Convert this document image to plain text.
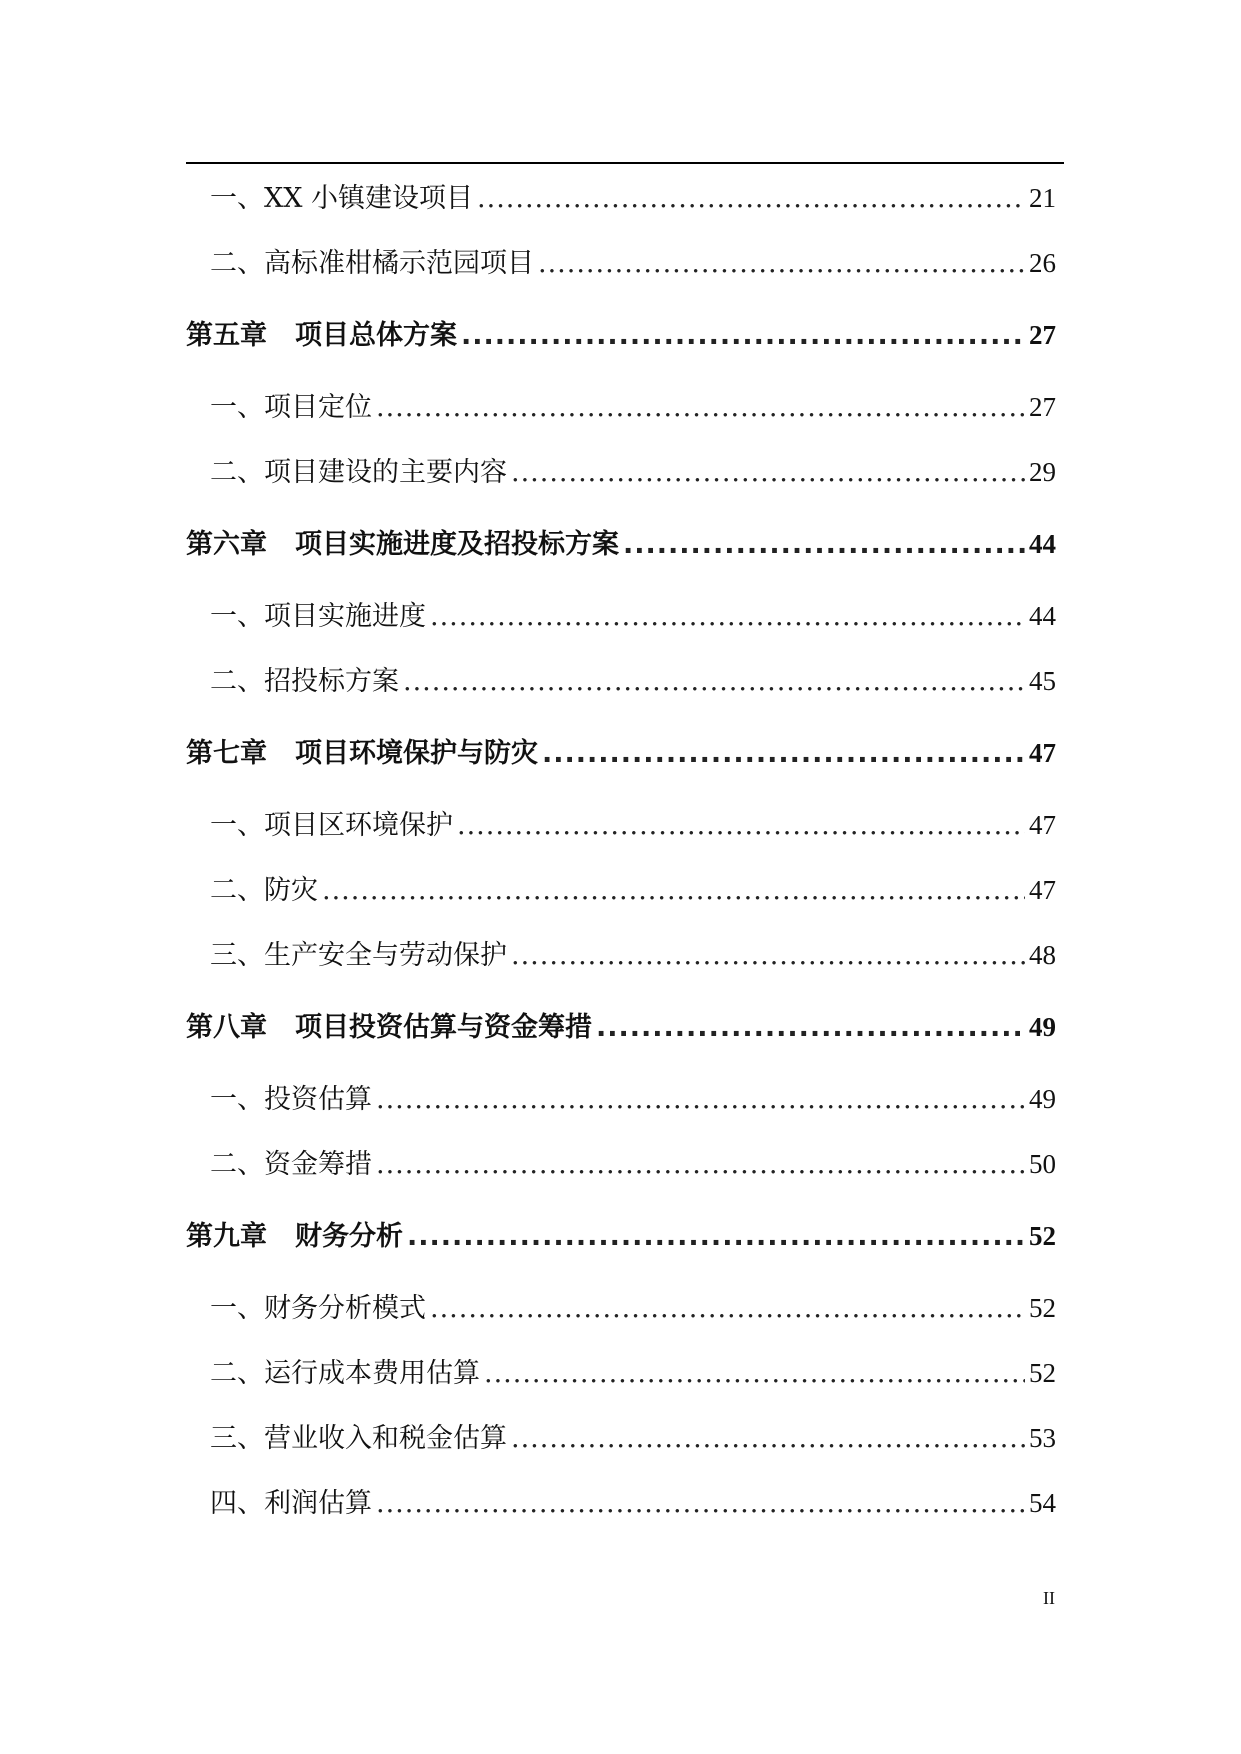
一、XX 小镇建设项目 .....	21
二、高标准柑橘示范园项目 .....	26
第五章 项目总体方案 .....	27
一、项目定位 .....	27
二、项目建设的主要内容 .....	29
第六章 项目实施进度及招投标方案 .....	44
一、项目实施进度 .....	44
二、招投标方案 .....	45
第七章 项目环境保护与防灾 .....	47
一、项目区环境保护 .....	47
二、防灾 .....	47
三、生产安全与劳动保护 .....	48
第八章 项目投资估算与资金筹措 .....	49
一、投资估算 .....	49
二、资金筹措 .....	50
第九章 财务分析 .....	52
一、财务分析模式 .....	52
二、运行成本费用估算 .....	52
三、营业收入和税金估算 .....	53
四、利润估算 .....	54
II
